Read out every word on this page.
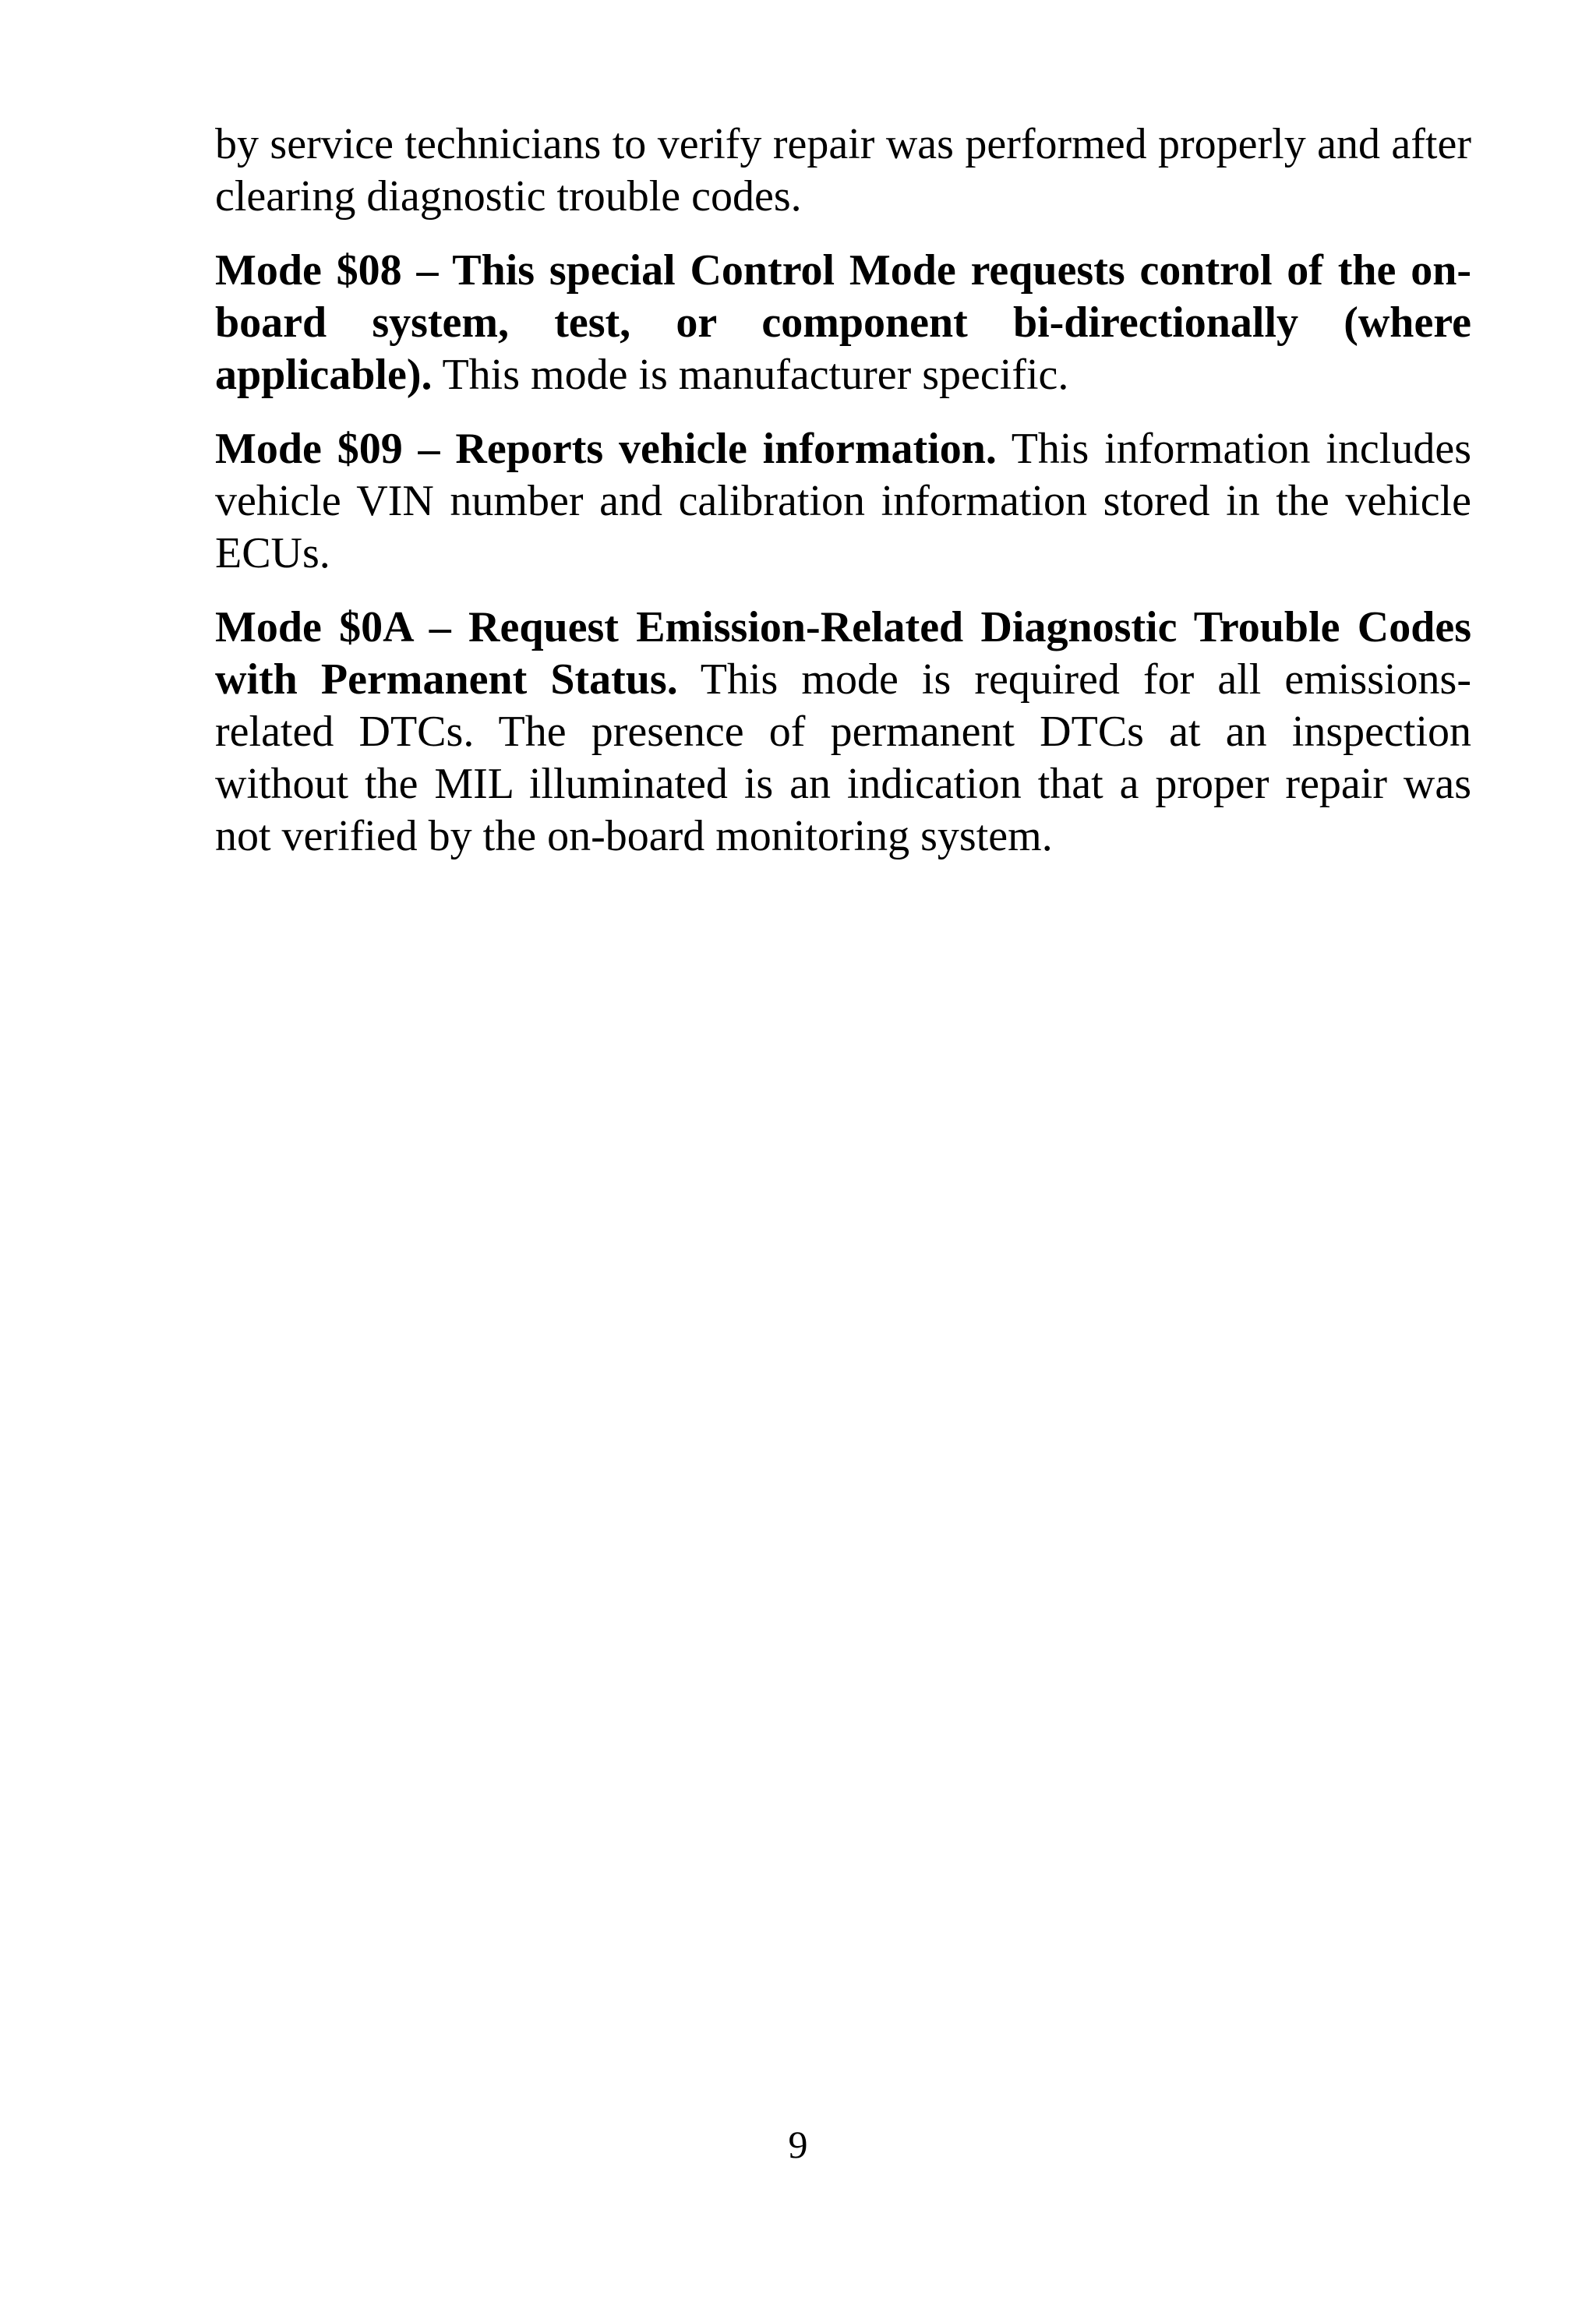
by service technicians to verify repair was performed properly and after clearing diagnostic trouble codes.

Mode $08 – This special Control Mode requests control of the on-board system, test, or component bi-directionally (where applicable). This mode is manufacturer specific.

Mode $09 – Reports vehicle information. This information includes vehicle VIN number and calibration information stored in the vehicle ECUs.

Mode $0A – Request Emission-Related Diagnostic Trouble Codes with Permanent Status. This mode is required for all emissions-related DTCs. The presence of permanent DTCs at an inspection without the MIL illuminated is an indication that a proper repair was not verified by the on-board monitoring system.

9
